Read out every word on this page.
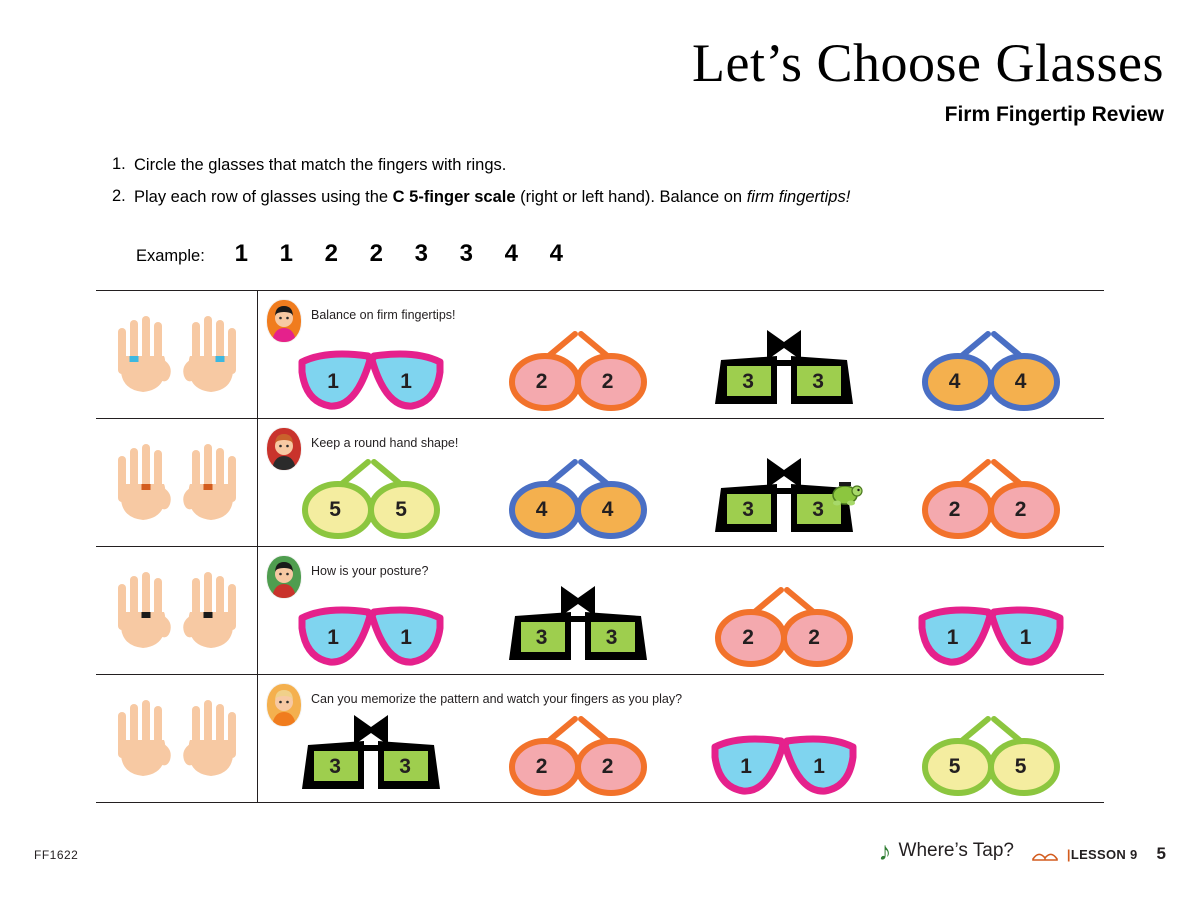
Let’s Choose Glasses
Firm Fingertip Review
1. Circle the glasses that match the fingers with rings.
2. Play each row of glasses using the C 5-finger scale (right or left hand). Balance on firm fingertips!
Example:	1	1	2	2	3	3	4	4
Balance on firm fingertips!
1	1	2	2	3	3	4	4
Keep a round hand shape!
5	5	4	4	3	3	2	2
How is your posture?
1	1	3	3	2	2	1	1
Can you memorize the pattern and watch your fingers as you play?
3	3	2	2	1	1	5	5
FF1622	♪ Where’s Tap?	|LESSON 9 5
